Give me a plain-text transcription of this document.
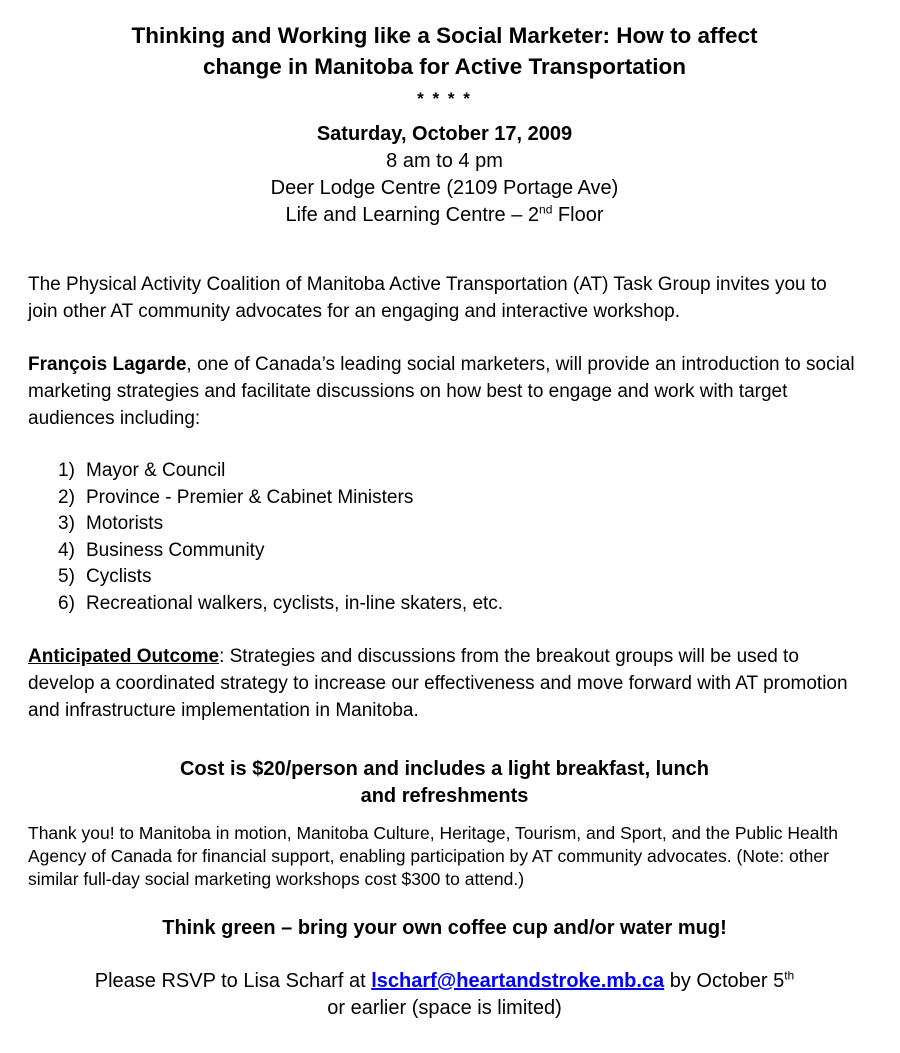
Thinking and Working like a Social Marketer: How to affect
change in Manitoba for Active Transportation
* * * *
Saturday, October 17, 2009
8 am to 4 pm
Deer Lodge Centre (2109 Portage Ave)
Life and Learning Centre – 2nd Floor

The Physical Activity Coalition of Manitoba Active Transportation (AT) Task Group invites you to join other AT community advocates for an engaging and interactive workshop.

François Lagarde, one of Canada’s leading social marketers, will provide an introduction to social marketing strategies and facilitate discussions on how best to engage and work with target audiences including:

1) Mayor & Council
2) Province - Premier & Cabinet Ministers
3) Motorists
4) Business Community
5) Cyclists
6) Recreational walkers, cyclists, in-line skaters, etc.

Anticipated Outcome: Strategies and discussions from the breakout groups will be used to develop a coordinated strategy to increase our effectiveness and move forward with AT promotion and infrastructure implementation in Manitoba.

Cost is $20/person and includes a light breakfast, lunch
and refreshments

Thank you! to Manitoba in motion, Manitoba Culture, Heritage, Tourism, and Sport, and the Public Health Agency of Canada for financial support, enabling participation by AT community advocates. (Note: other similar full-day social marketing workshops cost $300 to attend.)

Think green – bring your own coffee cup and/or water mug!
Please RSVP to Lisa Scharf at lscharf@heartandstroke.mb.ca by October 5th
or earlier (space is limited)
